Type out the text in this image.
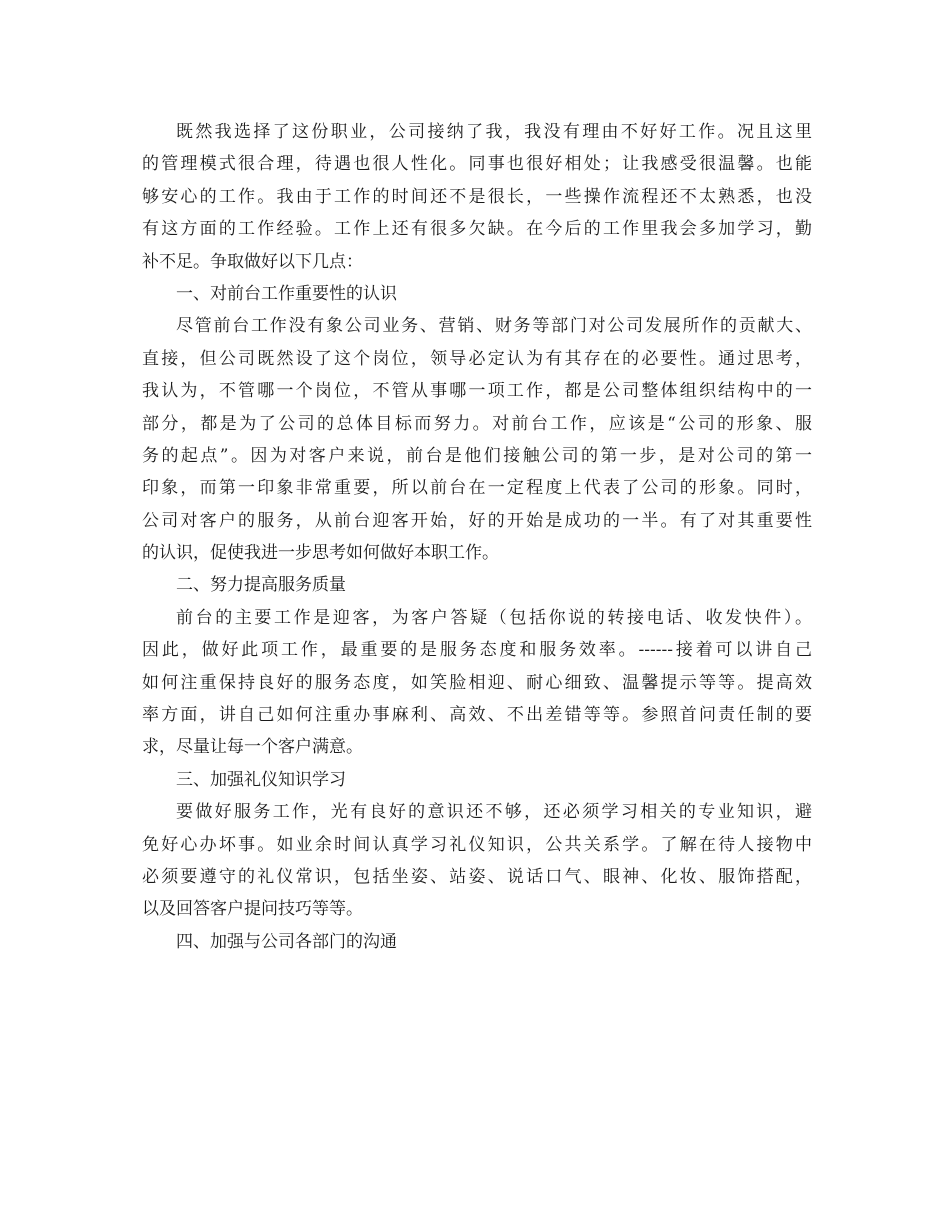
既然我选择了这份职业，公司接纳了我，我没有理由不好好工作。况且这里
的管理模式很合理，待遇也很人性化。同事也很好相处；让我感受很温馨。也能
够安心的工作。我由于工作的时间还不是很长，一些操作流程还不太熟悉，也没
有这方面的工作经验。工作上还有很多欠缺。在今后的工作里我会多加学习，勤
补不足。争取做好以下几点：
一、对前台工作重要性的认识
尽管前台工作没有象公司业务、营销、财务等部门对公司发展所作的贡献大、
直接，但公司既然设了这个岗位，领导必定认为有其存在的必要性。通过思考，
我认为，不管哪一个岗位，不管从事哪一项工作，都是公司整体组织结构中的一
部分，都是为了公司的总体目标而努力。对前台工作，应该是“公司的形象、服
务的起点”。因为对客户来说，前台是他们接触公司的第一步，是对公司的第一
印象，而第一印象非常重要，所以前台在一定程度上代表了公司的形象。同时，
公司对客户的服务，从前台迎客开始，好的开始是成功的一半。有了对其重要性
的认识，促使我进一步思考如何做好本职工作。
二、努力提高服务质量
前台的主要工作是迎客，为客户答疑（包括你说的转接电话、收发快件）。
因此，做好此项工作，最重要的是服务态度和服务效率。------接着可以讲自己
如何注重保持良好的服务态度，如笑脸相迎、耐心细致、温馨提示等等。提高效
率方面，讲自己如何注重办事麻利、高效、不出差错等等。参照首问责任制的要
求，尽量让每一个客户满意。
三、加强礼仪知识学习
要做好服务工作，光有良好的意识还不够，还必须学习相关的专业知识，避
免好心办坏事。如业余时间认真学习礼仪知识，公共关系学。了解在待人接物中
必须要遵守的礼仪常识，包括坐姿、站姿、说话口气、眼神、化妆、服饰搭配，
以及回答客户提问技巧等等。
四、加强与公司各部门的沟通
